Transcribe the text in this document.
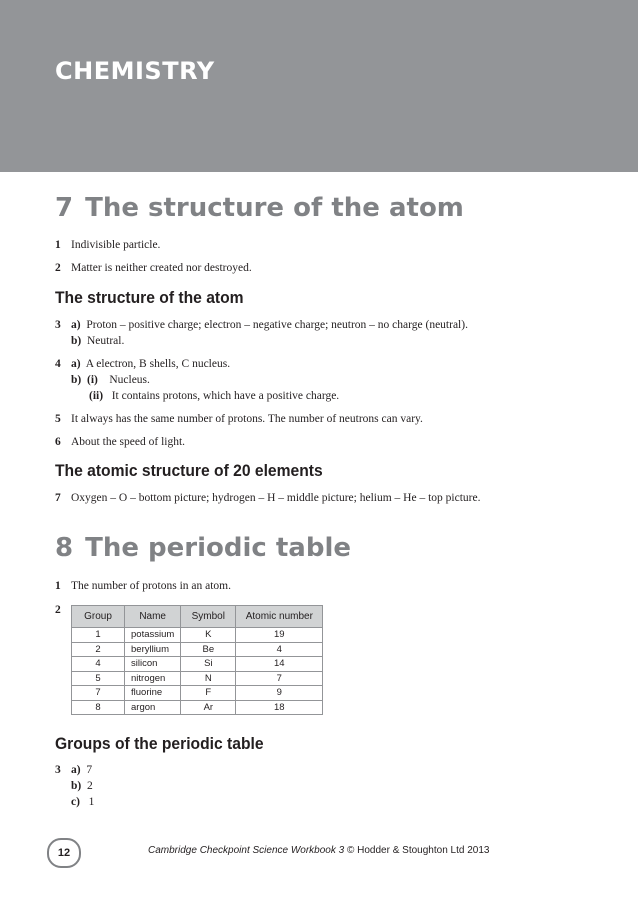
CHEMISTRY
7 The structure of the atom
1 Indivisible particle.
2 Matter is neither created nor destroyed.
The structure of the atom
3 a) Proton – positive charge; electron – negative charge; neutron – no charge (neutral).
b) Neutral.
4 a) A electron, B shells, C nucleus.
b) (i) Nucleus.
(ii) It contains protons, which have a positive charge.
5 It always has the same number of protons. The number of neutrons can vary.
6 About the speed of light.
The atomic structure of 20 elements
7 Oxygen – O – bottom picture; hydrogen – H – middle picture; helium – He – top picture.
8 The periodic table
1 The number of protons in an atom.
2
Group	Name	Symbol	Atomic number
1	potassium	K	19
2	beryllium	Be	4
4	silicon	Si	14
5	nitrogen	N	7
7	fluorine	F	9
8	argon	Ar	18
Groups of the periodic table
3 a) 7
b) 2
c) 1
12	Cambridge Checkpoint Science Workbook 3 © Hodder & Stoughton Ltd 2013
